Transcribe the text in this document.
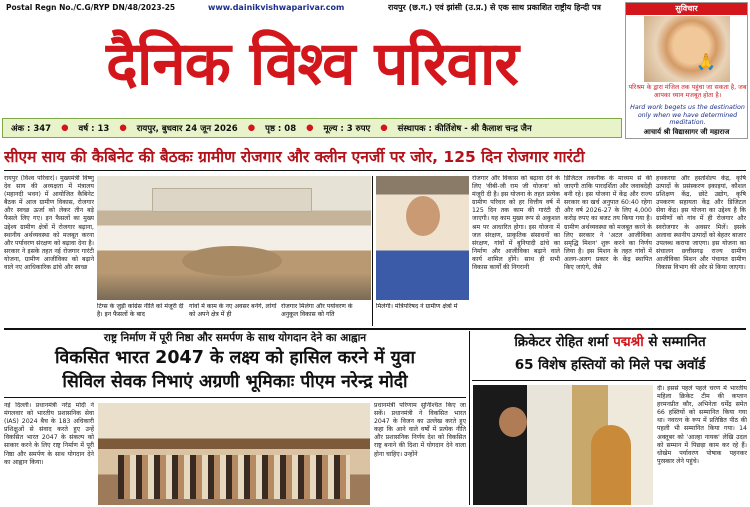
Postal Regn No./C.G/RYP DN/48/2023-25	www.dainikvishwaparivar.com	रायपुर (छ.ग.) एवं झांसी (उ.प्र.) से एक साथ प्रकाशित राष्ट्रीय हिन्दी पत्र
दैनिक विश्व परिवार
सुविचार
🙏
परिश्रम के द्वारा मंजिल तक पहुंचा जा सकता है, जब आपका ध्यान मजबूत होता है।
Hard work begets us the destination only when we have determined meditation.
आचार्य श्री विद्यासागर जी महाराज
अंक : 347 ● वर्ष : 13 ● रायपुर, बुधवार 24 जून 2026 ● पृष्ठ : 08 ● मूल्य : 3 रुपए ● संस्थापक : कीर्तिशेष - श्री कैलाश चन्द्र जैन
सीएम साय की कैबिनेट की बैठकः ग्रामीण रोजगार और क्लीन एनर्जी पर जोर, 125 दिन रोजगार गारंटी

रायपुर (विश्व परिवार)। मुख्यमंत्री विष्णु देव साय की अध्यक्षता में मंत्रालय (महानदी भवन) में आयोजित कैबिनेट बैठक में आज ग्रामीण विकास, रोजगार और स्वच्छ ऊर्जा को लेकर तीन बड़े फैसले लिए गए। इन फैसलों का मुख्य उद्देश्य ग्रामीण क्षेत्रों में रोजगार बढ़ाना, स्थानीय अर्थव्यवस्था को मजबूत करना और पर्यावरण संरक्षण को बढ़ावा देना है। सरकार ने इसके तहत नई रोजगार गारंटी योजना, ग्रामीण आजीविका को बढ़ाने वाले नए आधिकारिक ढांचे और स्वच्छ

टिंग्स के जुड़ी कांग्रेस नीति को मंजूरी दी है। इन फैसलों के बाद
गांवों में काम के नए अवसर बनेंगे, लोगों को अपने क्षेत्र में ही
रोजगार मिलेगा और पर्यावरण के अनुकूल विकास को गति
मिलेगी। मंत्रिपरिषद ने ग्रामीण क्षेत्रों में

रोजगार और विकास को बढ़ावा देने के लिए 'वीबी-जी राम जी योजना' को मंजूरी दी है। इस योजना के तहत प्रत्येक ग्रामीण परिवार को हर वित्तीय वर्ष में 125 दिन तक काम की गारंटी दी जाएगी। यह काम मुख्य रूप से अकुशल श्रम पर आधारित होगा। इस योजना में जल संरक्षण, प्राकृतिक संसाधनों का संरक्षण, गांवों में बुनियादी ढांचे का निर्माण और आजीविका बढ़ाने वाले कार्य शामिल होंगे। साथ ही सभी विकास कार्यों की निगरानी

डिजिटल तकनीक के माध्यम से की जाएगी ताकि पारदर्शिता और जवाबदेही बनी रहे। इस योजना में केंद्र और राज्य सरकार का खर्च अनुपात 60:40 रहेगा और वर्ष 2026-27 के लिए 4,000 करोड़ रुपए का बजट तय किया गया है। ग्रामीण अर्थव्यवस्था को मजबूत करने के लिए सरकार ने 'अटल आजीविका समृद्धि मिशन' शुरू करने का निर्णय लिया है। इस मिशन के तहत गांवों में अलग-अलग प्रकार के केंद्र स्थापित किए जाएंगे, जैसे

हथकरघा और हस्तशिल्प केंद्र, कृषि उत्पादों के प्रसंस्करण इकाइयां, कौशल प्रशिक्षण केंद्र, छोटे उद्योग, कृषि उपकरण सहायता केंद्र और डिजिटल सेवा केंद्र। इस योजना का उद्देश्य है कि ग्रामीणों को गांव में ही रोजगार और स्वरोजगार के अवसर मिलें। इसके अलावा स्थानीय उत्पादों को बेहतर बाजार उपलब्ध कराया जाएगा। इस योजना का संचालन छत्तीसगढ़ राज्य ग्रामीण आजीविका मिशन और पंचायत ग्रामीण विकास विभाग की ओर से किया जाएगा।

राष्ट्र निर्माण में पूरी निष्ठा और समर्पण के साथ योगदान देने का आह्वान
विकसित भारत 2047 के लक्ष्य को हासिल करने में युवा
सिविल सेवक निभाएं अग्रणी भूमिकाः पीएम नरेन्द्र मोदी

नई दिल्ली। प्रधानमंत्री नरेंद्र मोदी ने मंगलवार को भारतीय प्रशासनिक सेवा (IAS) 2024 बैच के 183 अधिकारी प्रशिक्षुओं से संवाद करते हुए उन्हें विकसित भारत 2047 के संकल्प को साकार करने के लिए राष्ट्र निर्माण में पूरी निष्ठा और समर्पण के साथ योगदान देने का आह्वान किया।

प्रधानमंत्री परिणाम सुनिश्चित किए जा सकें। प्रधानमंत्री ने विकसित भारत 2047 के विजन का उल्लेख करते हुए कहा कि आने वाले वर्षों में प्रत्येक नीति और प्रशासनिक निर्णय देश को विकसित राष्ट्र बनाने की दिशा में योगदान देने वाला होना चाहिए। उन्होंने

क्रिकेटर रोहित शर्मा पद्मश्री से सम्मानित
65 विशेष हस्तियों को मिले पद्म अवॉर्ड

दी। इससे पहले पहले चरण में भारतीय महिला क्रिकेट टीम की कप्तान हरमनप्रीत कौर, अभिनेता धर्मेंद्र समेत 66 हस्तियों को सम्मानित किया गया था। नवरत्न के रूप में प्रतिष्ठित पीठ की पहली भी सम्मानित किया गया। 14 अक्तूबर को 'आल्हा नायक' लेखि उदल को सम्मान में पिछड़ा काम कर रहे हैं। धोखेम पर्यावरण पोषाक पहनकर पुरस्कार लेने पहुंचे।
